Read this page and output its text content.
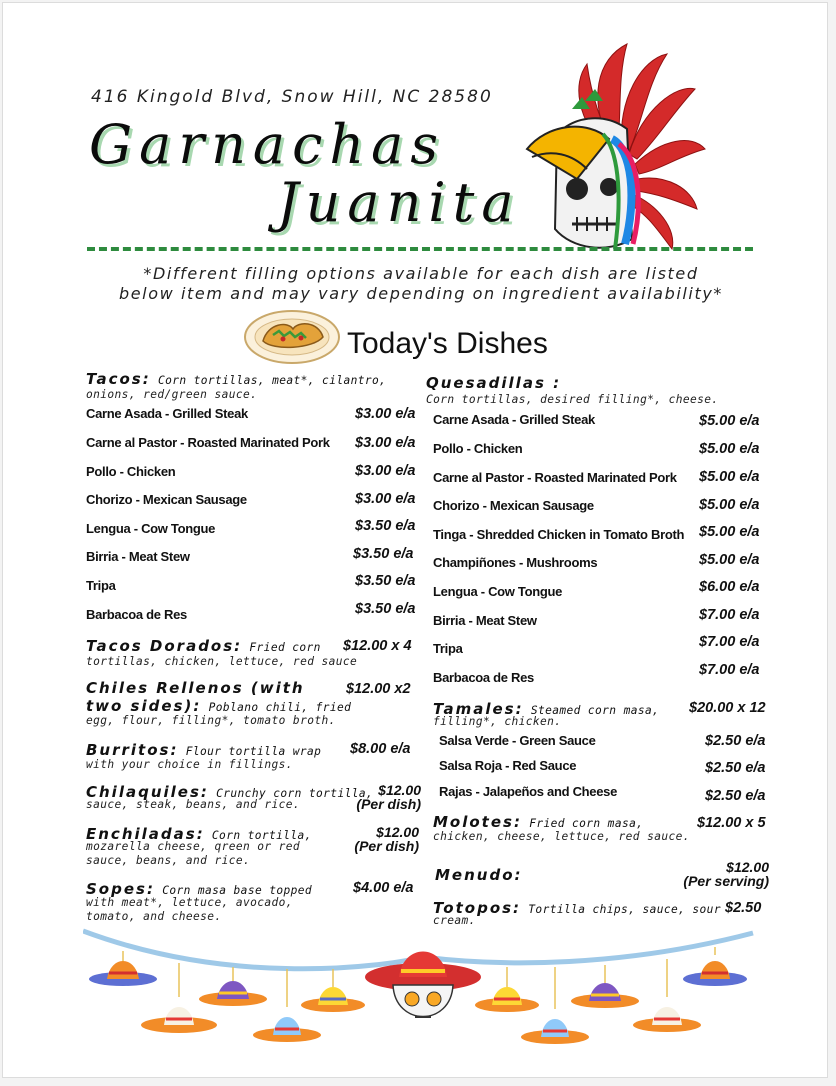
416 Kingold Blvd, Snow Hill, NC 28580
Garnachas
Juanita
*Different filling options available for each dish are listed
below item and may vary depending on ingredient availability*
Today's Dishes
Tacos: Corn tortillas, meat*, cilantro,
onions, red/green sauce.
Carne Asada - Grilled Steak	$3.00 e/a
Carne al Pastor - Roasted Marinated Pork $3.00 e/a
Pollo - Chicken	$3.00 e/a
Chorizo - Mexican Sausage	$3.00 e/a
Lengua - Cow Tongue	$3.50 e/a
Birria - Meat Stew	$3.50 e/a
Tripa	$3.50 e/a
Barbacoa de Res	$3.50 e/a
Tacos Dorados: Fried corn
tortillas, chicken, lettuce, red sauce
$12.00 x 4
Chiles Rellenos (with
two sides): Poblano chili, fried
egg, flour, filling*, tomato broth.
$12.00 x2
Burritos: Flour tortilla wrap
with your choice in fillings.
$8.00 e/a
Chilaquiles: Crunchy corn tortilla,
sauce, steak, beans, and rice.
$12.00
(Per dish)
Enchiladas: Corn tortilla,
mozarella cheese, qreen or red
sauce, beans, and rice.
$12.00
(Per dish)
Sopes: Corn masa base topped
with meat*, lettuce, avocado,
tomato, and cheese.
$4.00 e/a
Quesadillas :
Corn tortillas, desired filling*, cheese.
Carne Asada - Grilled Steak	$5.00 e/a
Pollo - Chicken	$5.00 e/a
Carne al Pastor - Roasted Marinated Pork $5.00 e/a
Chorizo - Mexican Sausage	$5.00 e/a
Tinga - Shredded Chicken in Tomato Broth $5.00 e/a
Champiñones - Mushrooms	$5.00 e/a
Lengua - Cow Tongue	$6.00 e/a
Birria - Meat Stew	$7.00 e/a
Tripa	$7.00 e/a
Barbacoa de Res	$7.00 e/a
Tamales: Steamed corn masa,
filling*, chicken.
$20.00 x 12
Salsa Verde - Green Sauce	$2.50 e/a
Salsa Roja - Red Sauce	$2.50 e/a
Rajas - Jalapeños and Cheese	$2.50 e/a
Molotes: Fried corn masa,
chicken, cheese, lettuce, red sauce.
$12.00 x 5
Menudo:	$12.00
(Per serving)
Totopos: Tortilla chips, sauce, sour
cream.
$2.50
